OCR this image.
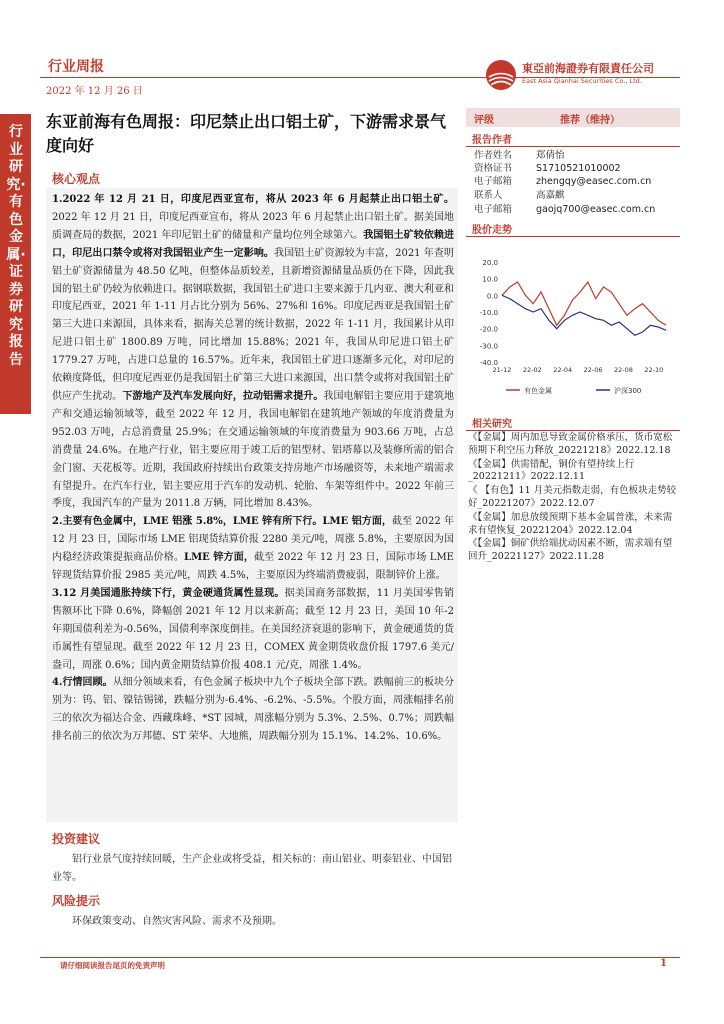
行业周报
2022 年 12 月 26 日
東亞前海證券有限責任公司
East Asia Qianhai Securities Co., Ltd.
行业研究·有色金属·证券研究报告
东亚前海有色周报：印尼禁止出口铝土矿，下游需求景气度向好
核心观点

1.2022 年 12 月 21 日，印度尼西亚宣布，将从 2023 年 6 月起禁止出口铝土矿。2022 年 12 月 21 日，印度尼西亚宣布，将从 2023 年 6 月起禁止出口铝土矿。据美国地质调查局的数据，2021 年印尼铝土矿的储量和产量均位列全球第六。我国铝土矿较依赖进口，印尼出口禁令或将对我国铝业产生一定影响。我国铝土矿资源较为丰富，2021 年查明铝土矿资源储量为 48.50 亿吨，但整体品质较差，且新增资源储量品质仍在下降，因此我国的铝土矿仍较为依赖进口。据钢联数据，我国铝土矿进口主要来源于几内亚、澳大利亚和印度尼西亚，2021 年 1-11 月占比分别为 56%、27%和 16%。印度尼西亚是我国铝土矿第三大进口来源国，具体来看，据海关总署的统计数据，2022 年 1-11 月，我国累计从印尼进口铝土矿 1800.89 万吨，同比增加 15.88%；2021 年，我国从印尼进口铝土矿 1779.27 万吨，占进口总量的 16.57%。近年来，我国铝土矿进口逐渐多元化，对印尼的依赖度降低，但印度尼西亚仍是我国铝土矿第三大进口来源国，出口禁令或将对我国铝土矿供应产生扰动。下游地产及汽车发展向好，拉动铝需求提升。我国电解铝主要应用于建筑地产和交通运输领域等，截至 2022 年 12 月，我国电解铝在建筑地产领域的年度消费量为 952.03 万吨，占总消费量 25.9%；在交通运输领域的年度消费量为 903.66 万吨，占总消费量 24.6%。在地产行业，铝主要应用于竣工后的铝型材、铝塔幕以及装修所需的铝合金门窗、天花板等。近期，我国政府持续出台政策支持房地产市场融资等，未来地产端需求有望提升。在汽车行业，铝主要应用于汽车的发动机、轮胎、车架等组件中。2022 年前三季度，我国汽车的产量为 2011.8 万辆，同比增加 8.43%。

2.主要有色金属中，LME 铝涨 5.8%，LME 锌有所下行。LME 铝方面，截至 2022 年 12 月 23 日，国际市场 LME 铝现货结算价报 2280 美元/吨，周涨 5.8%，主要原因为国内稳经济政策提振商品价格。LME 锌方面，截至 2022 年 12 月 23 日，国际市场 LME 锌现货结算价报 2985 美元/吨，周跌 4.5%，主要原因为终端消费疲弱，限制锌价上涨。

3.12 月美国通胀持续下行，黄金硬通货属性显现。据美国商务部数据，11 月美国零售销售额环比下降 0.6%，降幅创 2021 年 12 月以来新高；截至 12 月 23 日，美国 10 年-2 年期国债利差为-0.56%，国债利率深度倒挂。在美国经济衰退的影响下，黄金硬通货的货币属性有望显现。截至 2022 年 12 月 23 日，COMEX 黄金期货收盘价报 1797.6 美元/盎司，周涨 0.6%；国内黄金期货结算价报 408.1 元/克，周涨 1.4%。

4.行情回顾。从细分领域来看，有色金属子板块中九个子板块全部下跌。跌幅前三的板块分别为：钨、铝、镍钴锡锑，跌幅分别为-6.4%、-6.2%、-5.5%。个股方面，周涨幅排名前三的依次为福达合金、西藏珠峰、*ST 园城，周涨幅分别为 5.3%、2.5%、0.7%；周跌幅排名前三的依次为万邦德、ST 荣华、大地熊，周跌幅分别为 15.1%、14.2%、10.6%。

投资建议
铝行业景气度持续回暖，生产企业或将受益，相关标的：南山铝业、明泰铝业、中国铝业等。
风险提示
环保政策变动、自然灾害风险、需求不及预期。
评级	推荐（维持）
报告作者
作者姓名	郑倩怡
资格证书	S1710521010002
电子邮箱	zhengqy@easec.com.cn
联系人	高嘉麒
电子邮箱	gaojq700@easec.com.cn
股价走势
20.0
10.0
0.0
-10.0
-20.0
-30.0
-40.0
21-12 22-02 22-04 22-06 22-08 22-10
有色金属	沪深300
相关研究
《【金属】周内加息导致金属价格承压，货币宽松预期下利空压力释放_20221218》2022.12.18
《【金属】供需错配，铜价有望持续上行_20221211》2022.12.11
《 【有色】11 月美元指数走弱，有色板块走势较好_20221207》2022.12.07
《【金属】加息放缓预期下基本金属普涨，未来需求有望恢复_20221204》2022.12.04
《【金属】铜矿供给端扰动因素不断，需求端有望回升_20221127》2022.11.28
请仔细阅读报告尾页的免责声明	1
